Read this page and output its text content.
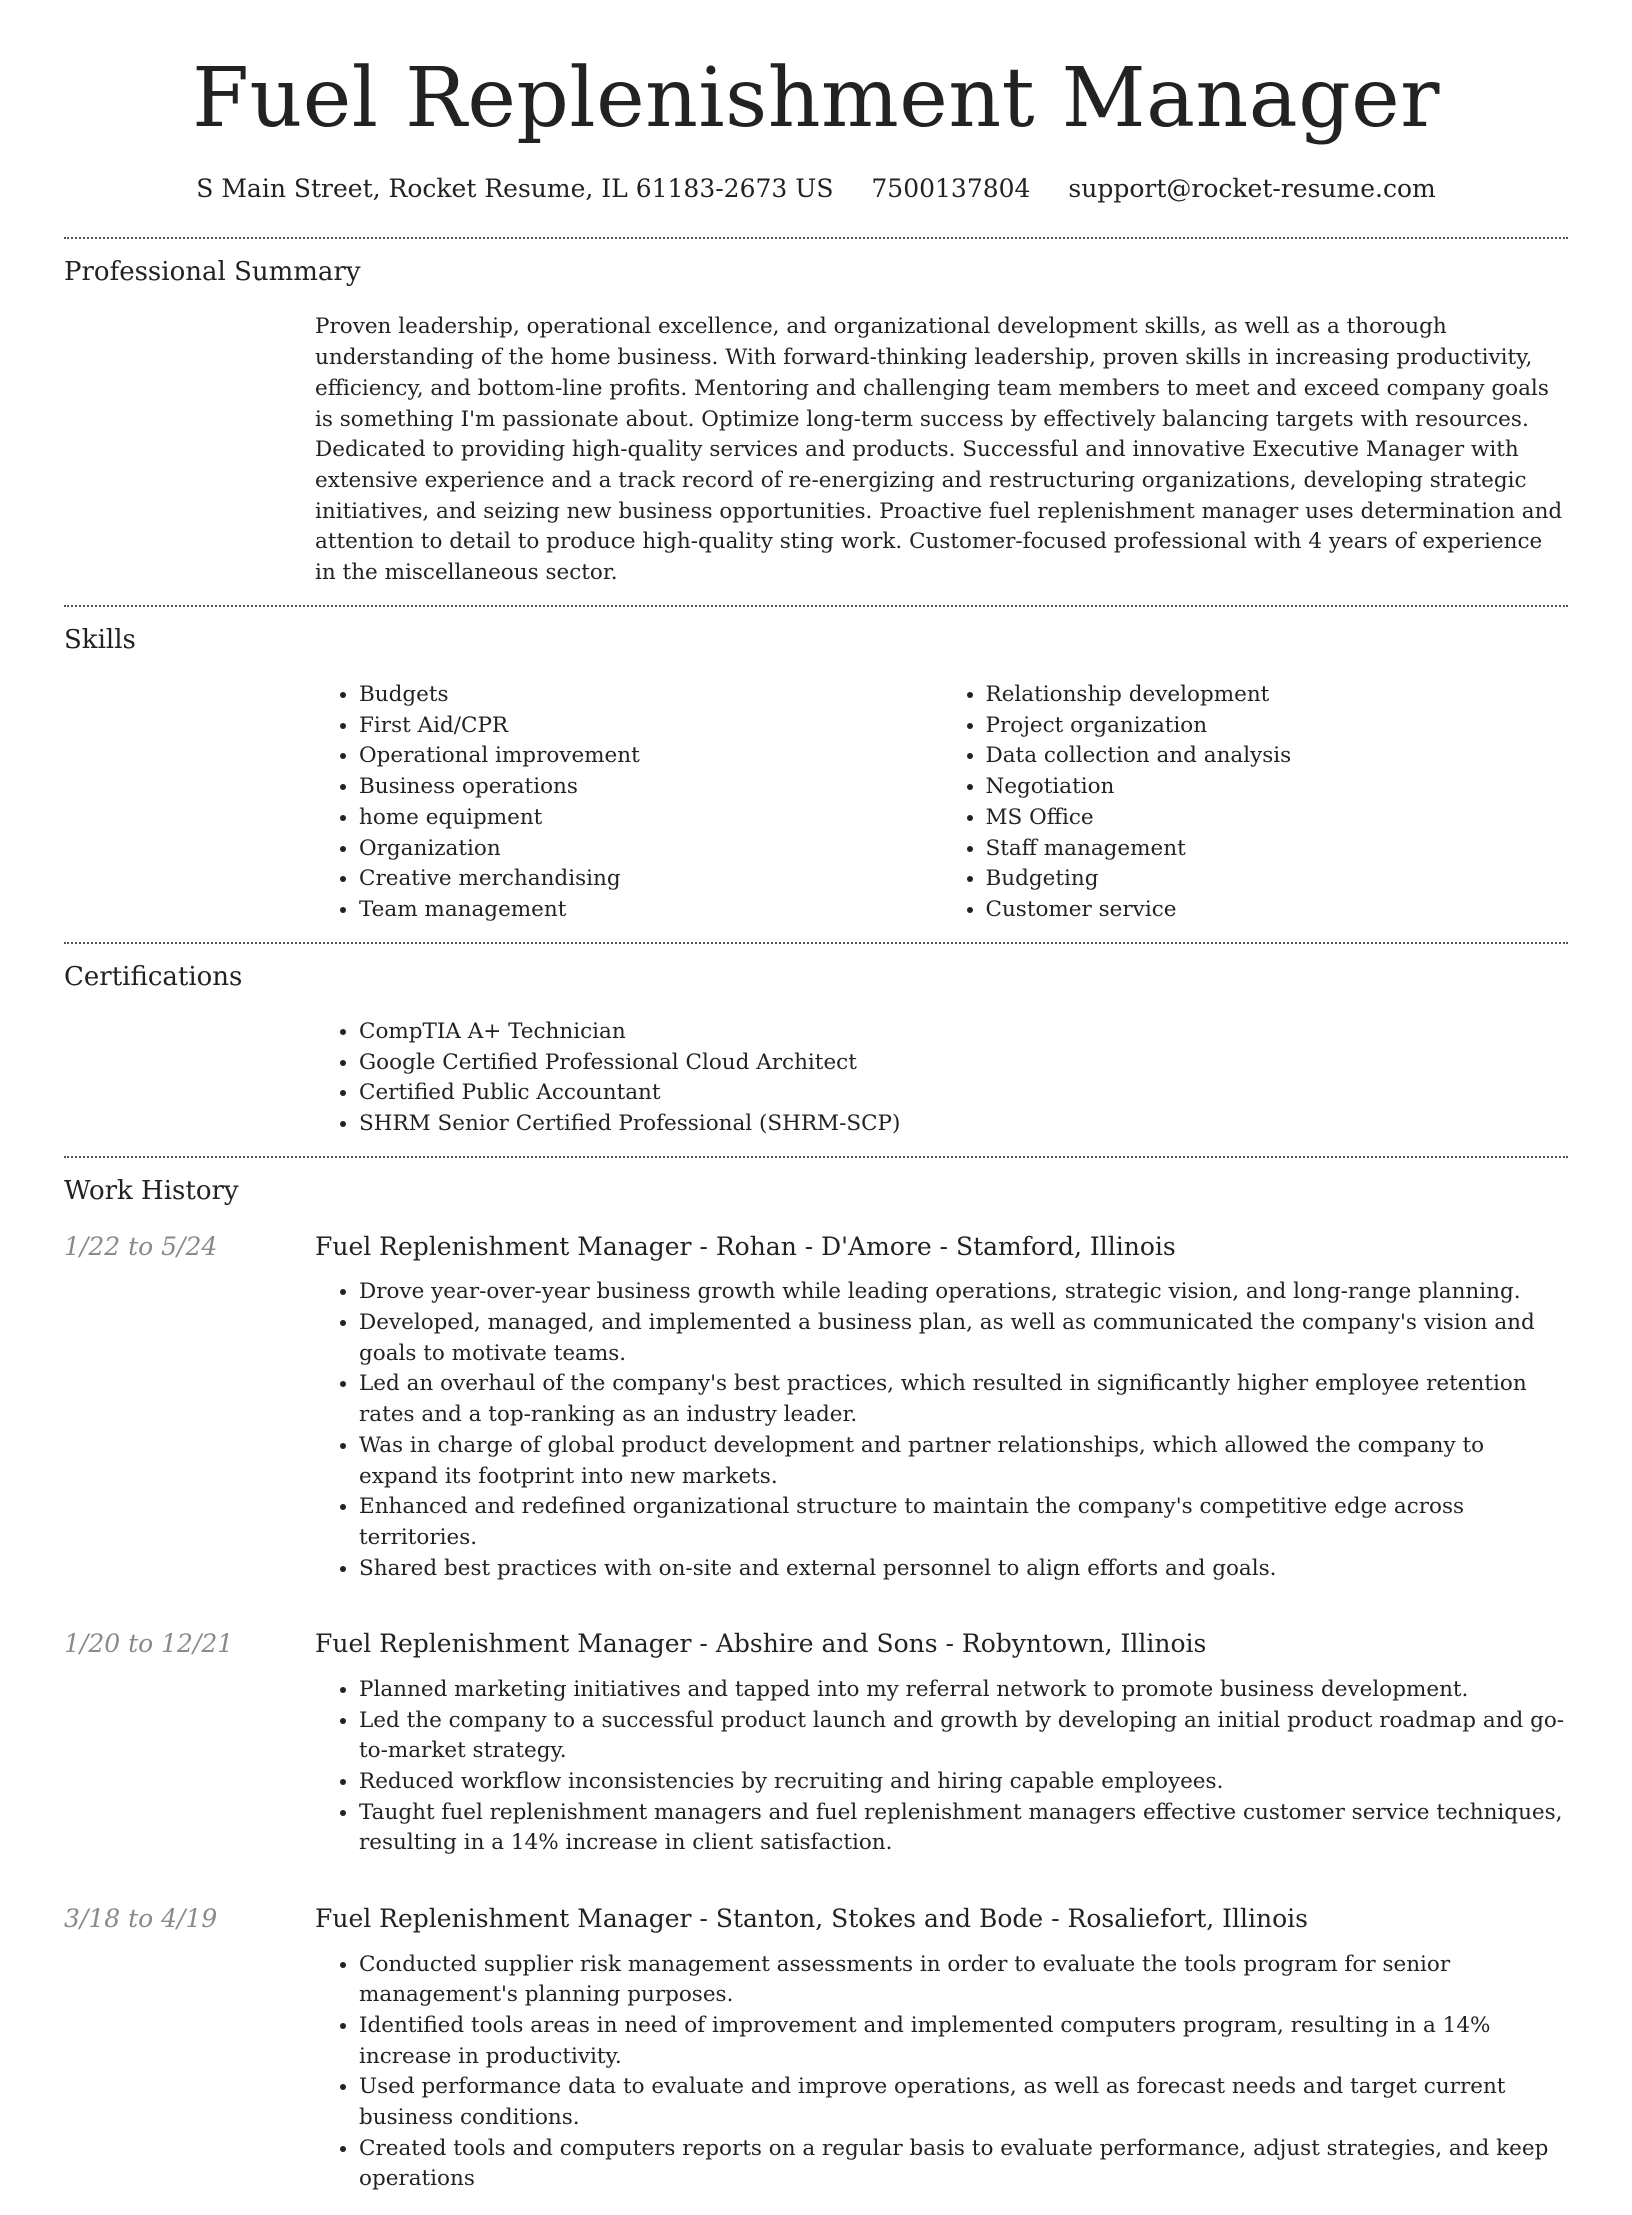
Fuel Replenishment Manager
S Main Street, Rocket Resume, IL 61183-2673 US 7500137804 support@rocket-resume.com
Professional Summary

Proven leadership, operational excellence, and organizational development skills, as well as a thorough understanding of the home business. With forward-thinking leadership, proven skills in increasing productivity, efficiency, and bottom-line profits. Mentoring and challenging team members to meet and exceed company goals is something I'm passionate about. Optimize long-term success by effectively balancing targets with resources. Dedicated to providing high-quality services and products. Successful and innovative Executive Manager with extensive experience and a track record of re-energizing and restructuring organizations, developing strategic initiatives, and seizing new business opportunities. Proactive fuel replenishment manager uses determination and attention to detail to produce high-quality sting work. Customer-focused professional with 4 years of experience in the miscellaneous sector.

Skills
• Budgets
• First Aid/CPR
• Operational improvement
• Business operations
• home equipment
• Organization
• Creative merchandising
• Team management
• Relationship development
• Project organization
• Data collection and analysis
• Negotiation
• MS Office
• Staff management
• Budgeting
• Customer service
Certifications
• CompTIA A+ Technician
• Google Certified Professional Cloud Architect
• Certified Public Accountant
• SHRM Senior Certified Professional (SHRM-SCP)
Work History
1/22 to 5/24	Fuel Replenishment Manager - Rohan - D'Amore - Stamford, Illinois
• Drove year-over-year business growth while leading operations, strategic vision, and long-range planning.
• Developed, managed, and implemented a business plan, as well as communicated the company's vision and goals to motivate teams.
• Led an overhaul of the company's best practices, which resulted in significantly higher employee retention rates and a top-ranking as an industry leader.
• Was in charge of global product development and partner relationships, which allowed the company to expand its footprint into new markets.
• Enhanced and redefined organizational structure to maintain the company's competitive edge across territories.
• Shared best practices with on-site and external personnel to align efforts and goals.
1/20 to 12/21	Fuel Replenishment Manager - Abshire and Sons - Robyntown, Illinois
• Planned marketing initiatives and tapped into my referral network to promote business development.
• Led the company to a successful product launch and growth by developing an initial product roadmap and go-to-market strategy.
• Reduced workflow inconsistencies by recruiting and hiring capable employees.
• Taught fuel replenishment managers and fuel replenishment managers effective customer service techniques, resulting in a 14% increase in client satisfaction.
3/18 to 4/19	Fuel Replenishment Manager - Stanton, Stokes and Bode - Rosaliefort, Illinois
• Conducted supplier risk management assessments in order to evaluate the tools program for senior management's planning purposes.
• Identified tools areas in need of improvement and implemented computers program, resulting in a 14% increase in productivity.
• Used performance data to evaluate and improve operations, as well as forecast needs and target current business conditions.
• Created tools and computers reports on a regular basis to evaluate performance, adjust strategies, and keep operations
